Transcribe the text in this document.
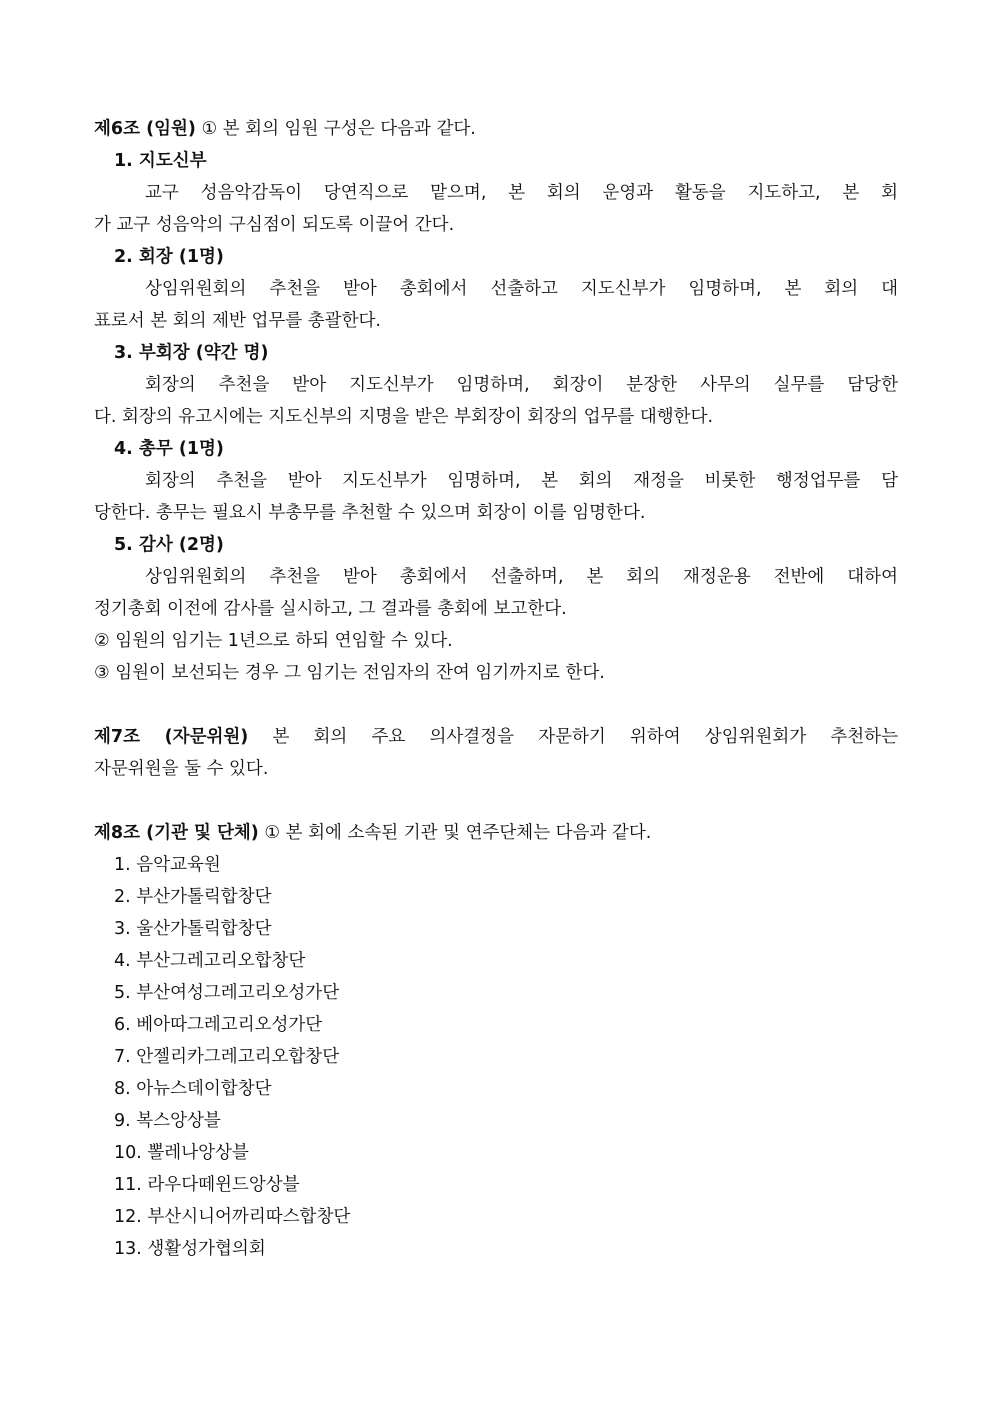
제6조 (임원) ① 본 회의 임원 구성은 다음과 같다.
1. 지도신부
교구 성음악감독이 당연직으로 맡으며, 본 회의 운영과 활동을 지도하고, 본 회
가 교구 성음악의 구심점이 되도록 이끌어 간다.
2. 회장 (1명)
상임위원회의 추천을 받아 총회에서 선출하고 지도신부가 임명하며, 본 회의 대
표로서 본 회의 제반 업무를 총괄한다.
3. 부회장 (약간 명)
회장의 추천을 받아 지도신부가 임명하며, 회장이 분장한 사무의 실무를 담당한
다. 회장의 유고시에는 지도신부의 지명을 받은 부회장이 회장의 업무를 대행한다.
4. 총무 (1명)
회장의 추천을 받아 지도신부가 임명하며, 본 회의 재정을 비롯한 행정업무를 담
당한다. 총무는 필요시 부총무를 추천할 수 있으며 회장이 이를 임명한다.
5. 감사 (2명)
상임위원회의 추천을 받아 총회에서 선출하며, 본 회의 재정운용 전반에 대하여
정기총회 이전에 감사를 실시하고, 그 결과를 총회에 보고한다.
② 임원의 임기는 1년으로 하되 연임할 수 있다.
③ 임원이 보선되는 경우 그 임기는 전임자의 잔여 임기까지로 한다.
제7조 (자문위원) 본 회의 주요 의사결정을 자문하기 위하여 상임위원회가 추천하는
자문위원을 둘 수 있다.
제8조 (기관 및 단체) ① 본 회에 소속된 기관 및 연주단체는 다음과 같다.
1. 음악교육원
2. 부산가톨릭합창단
3. 울산가톨릭합창단
4. 부산그레고리오합창단
5. 부산여성그레고리오성가단
6. 베아따그레고리오성가단
7. 안젤리카그레고리오합창단
8. 아뉴스데이합창단
9. 복스앙상블
10. 뽈레나앙상블
11. 라우다떼윈드앙상블
12. 부산시니어까리따스합창단
13. 생활성가협의회
